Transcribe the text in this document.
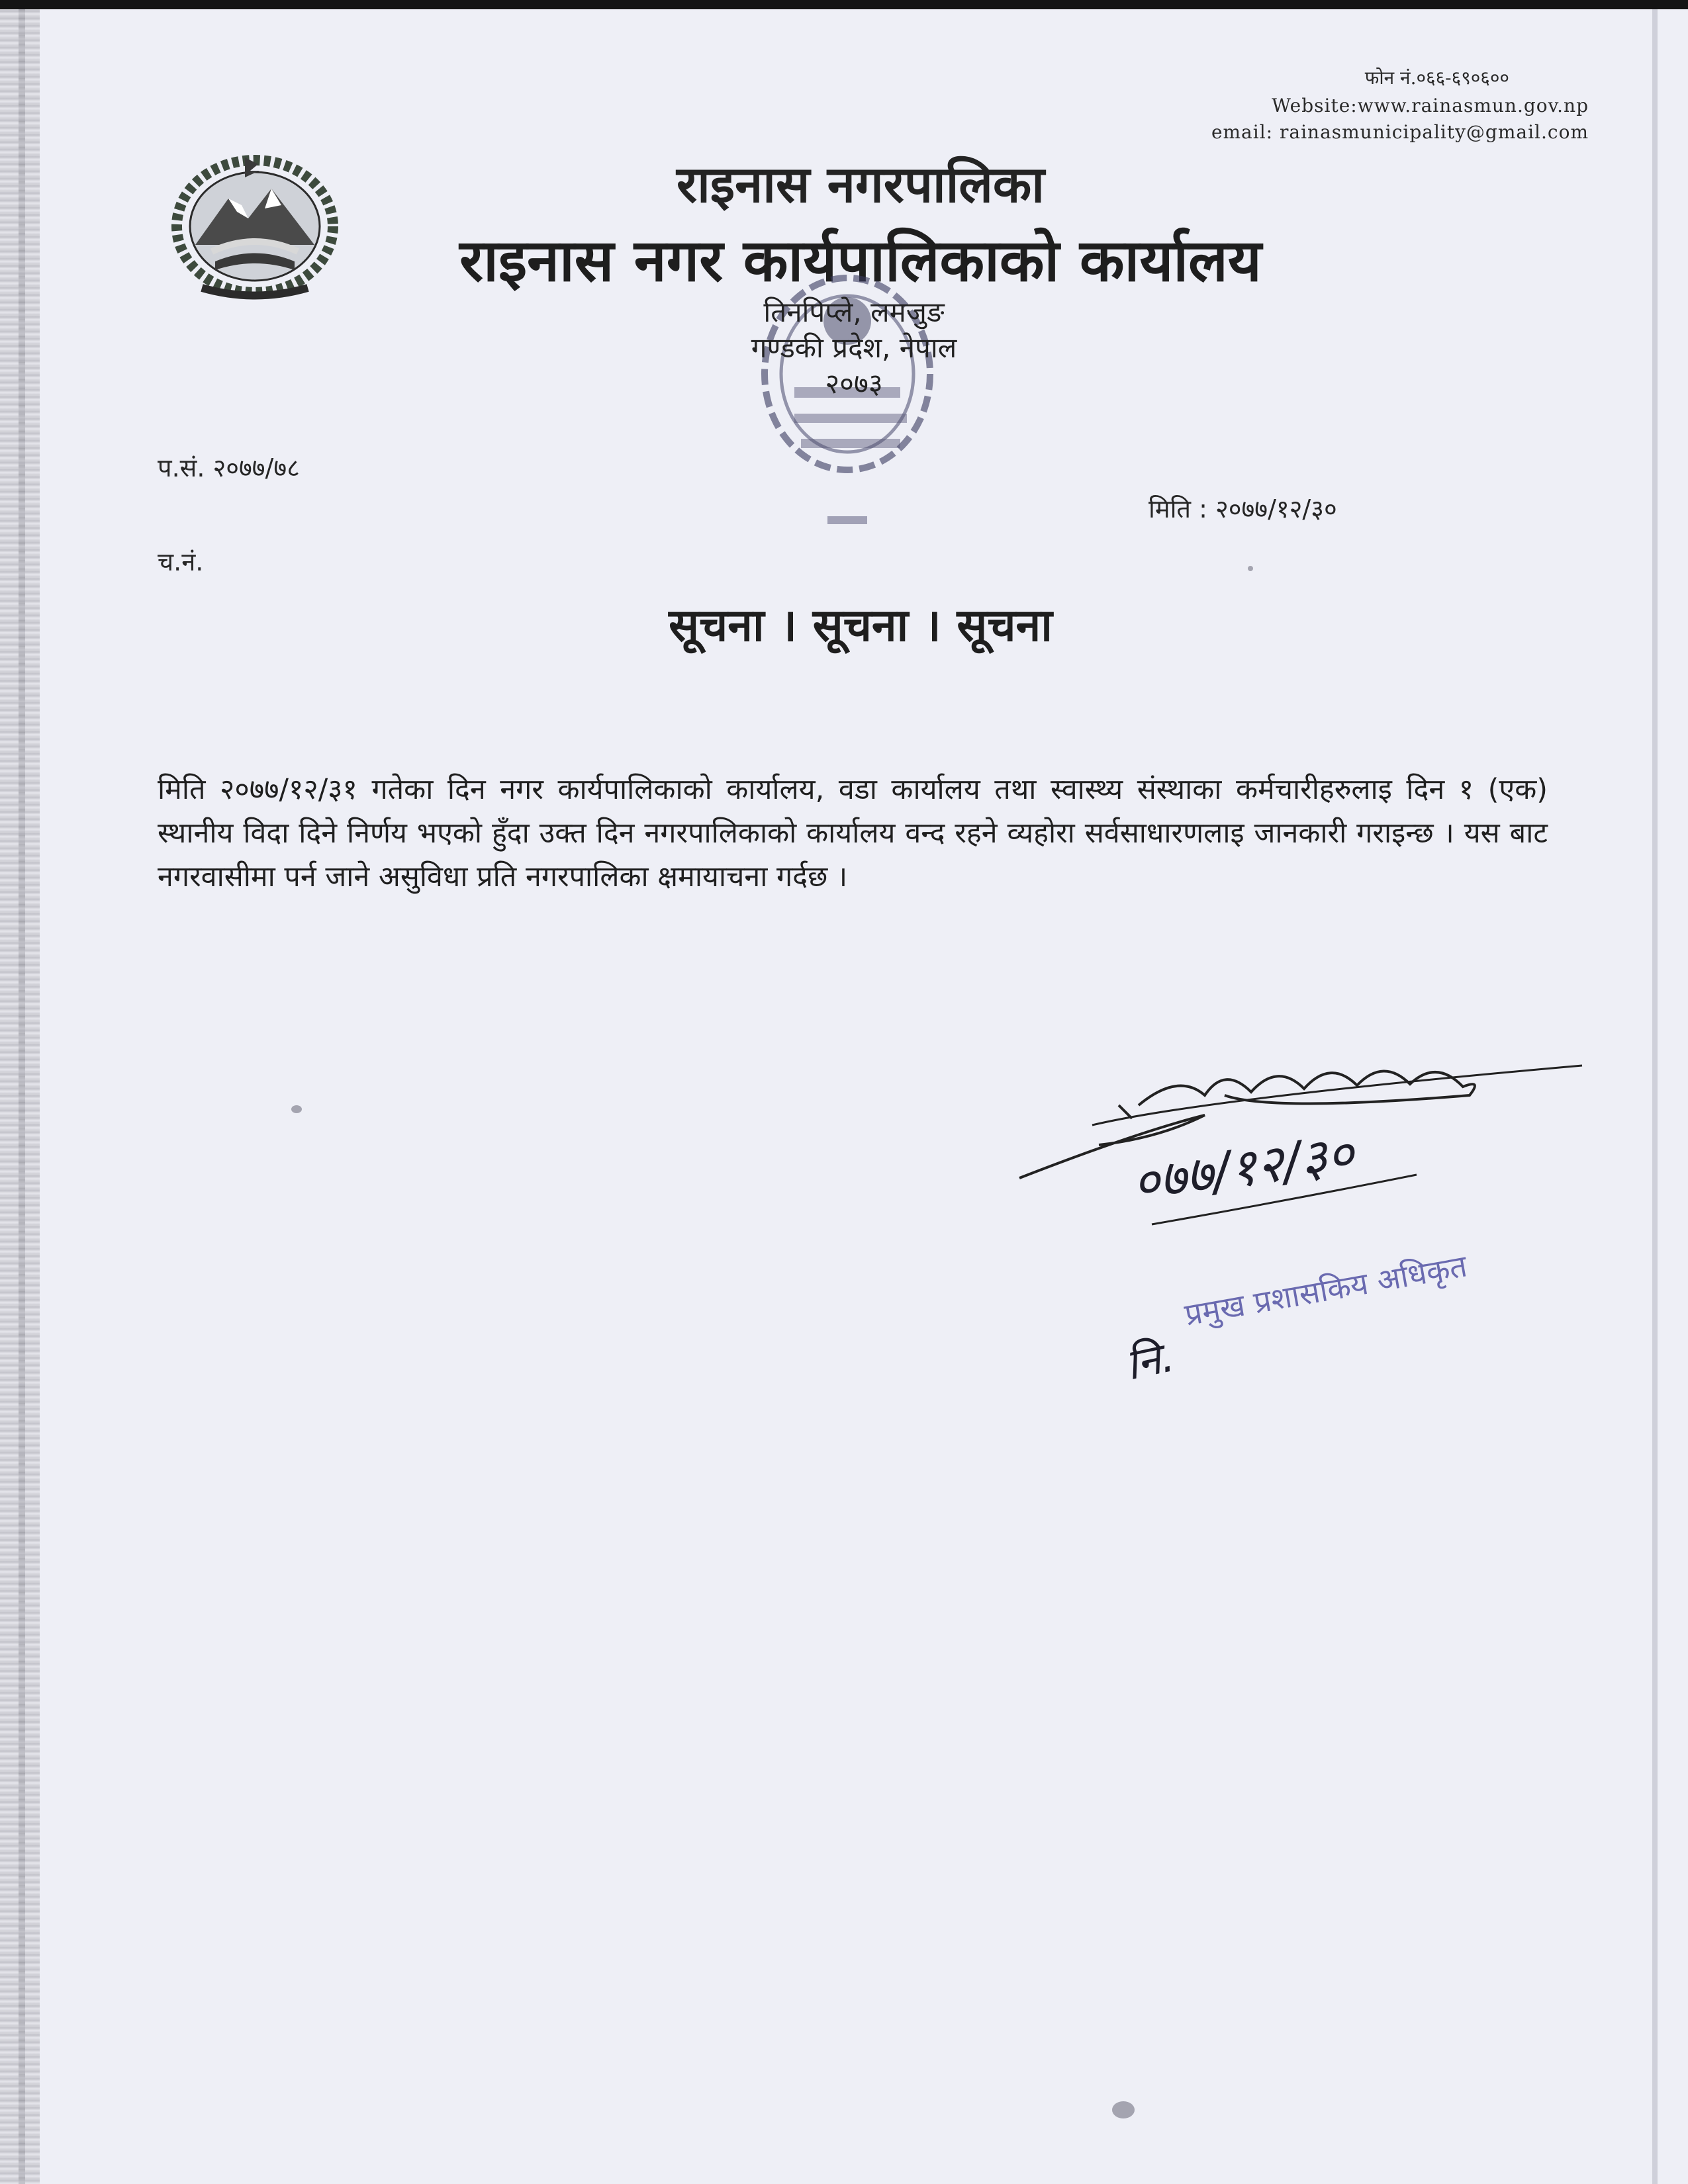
फोन नं.०६६-६९०६००
Website:www.rainasmun.gov.np
email: rainasmunicipality@gmail.com
राइनास नगरपालिका
राइनास नगर कार्यपालिकाको कार्यालय
तिनपिप्ले, लमजुङ
गण्डकी प्रदेश, नेपाल
२०७३
प.सं. २०७७/७८
मिति : २०७७/१२/३०
च.नं.
सूचना । सूचना । सूचना
मिति २०७७/१२/३१ गतेका दिन नगर कार्यपालिकाको कार्यालय, वडा कार्यालय तथा स्वास्थ्य संस्थाका कर्मचारीहरुलाइ दिन १ (एक) स्थानीय विदा दिने निर्णय भएको हुँदा उक्त दिन नगरपालिकाको कार्यालय वन्द रहने व्यहोरा सर्वसाधारणलाइ जानकारी गराइन्छ । यस बाट नगरवासीमा पर्न जाने असुविधा प्रति नगरपालिका क्षमायाचना गर्दछ ।
०७७/१२/३०
प्रमुख प्रशासकिय अधिकृत
नि.
